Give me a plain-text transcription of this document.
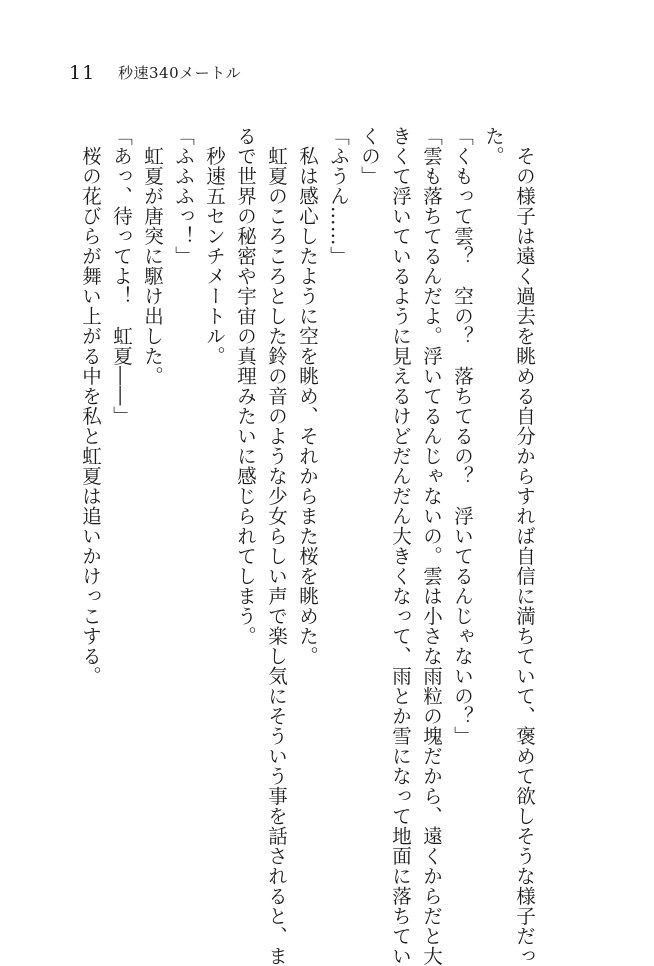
11 秒速340メートル

その様子は遠く過去を眺める自分からすれば自信に満ちていて、褒めて欲しそうな様子だっ

た。

「くもって雲？　空の？　落ちてるの？　浮いてるんじゃないの？」

「雲も落ちてるんだよ。浮いてるんじゃないの。雲は小さな雨粒の塊だから、遠くからだと大

きくて浮いているように見えるけどだんだん大きくなって、雨とか雪になって地面に落ちてい

くの」

「ふうん……」

私は感心したように空を眺め、それからまた桜を眺めた。

虹夏のころころとした鈴の音のような少女らしい声で楽し気にそういう事を話されると、ま

るで世界の秘密や宇宙の真理みたいに感じられてしまう。

秒速五センチメートル。

「ふふふっ！」

虹夏が唐突に駆け出した。

「あっ、待ってよ！　虹夏――」

桜の花びらが舞い上がる中を私と虹夏は追いかけっこする。
